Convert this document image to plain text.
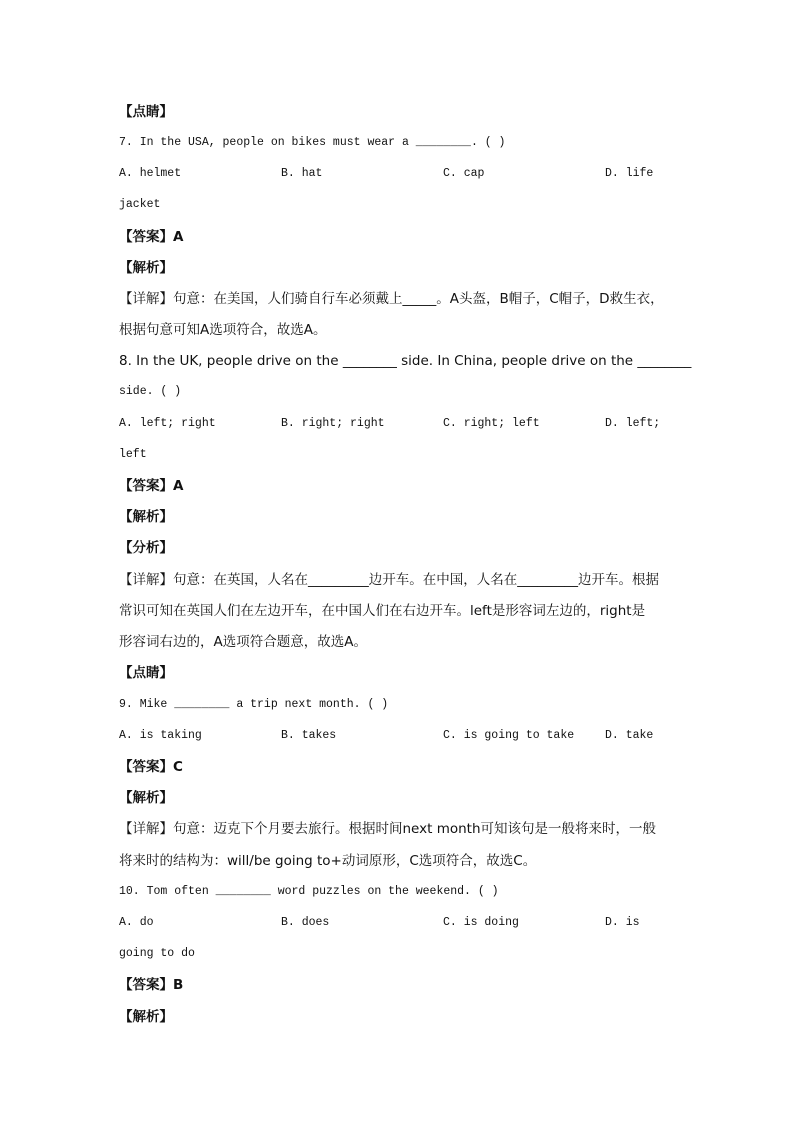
【点睛】
7. In the USA, people on bikes must wear a ________. ( )
A. helmet	B. hat	C. cap	D. life
jacket
【答案】A
【解析】
【详解】句意：在美国，人们骑自行车必须戴上_____。A头盔，B帽子，C帽子，D救生衣，
根据句意可知A选项符合，故选A。
8. In the UK, people drive on the ________ side. In China, people drive on the ________
side. ( )
A. left; right	B. right; right	C. right; left	D. left;
left
【答案】A
【解析】
【分析】
【详解】句意：在英国，人名在_________边开车。在中国，人名在_________边开车。根据
常识可知在英国人们在左边开车，在中国人们在右边开车。left是形容词左边的，right是
形容词右边的，A选项符合题意，故选A。
【点睛】
9. Mike ________ a trip next month. ( )
A. is taking	B. takes	C. is going to take	D. take
【答案】C
【解析】
【详解】句意：迈克下个月要去旅行。根据时间next month可知该句是一般将来时，一般
将来时的结构为：will/be going to+动词原形，C选项符合，故选C。
10. Tom often ________ word puzzles on the weekend. ( )
A. do	B. does	C. is doing	D. is
going to do
【答案】B
【解析】
